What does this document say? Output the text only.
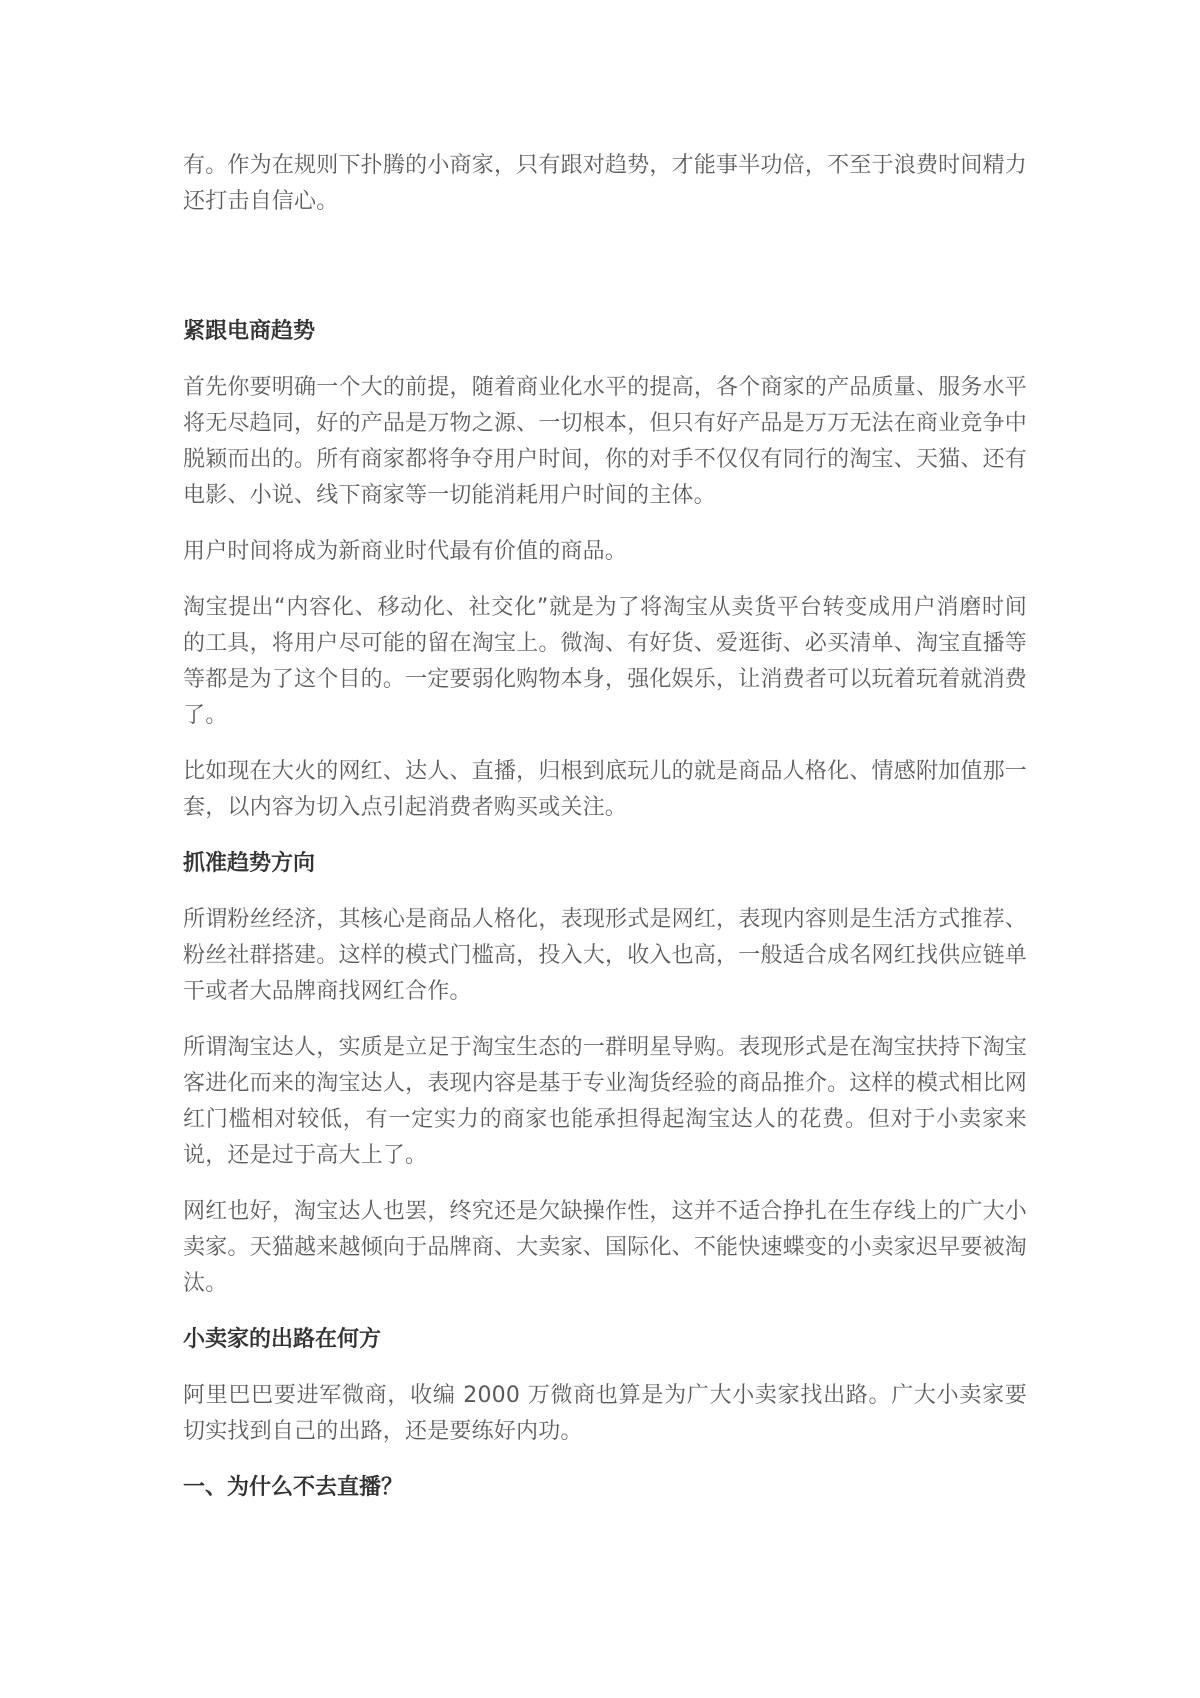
有。作为在规则下扑腾的小商家，只有跟对趋势，才能事半功倍，不至于浪费时间精力还打击自信心。

紧跟电商趋势

首先你要明确一个大的前提，随着商业化水平的提高，各个商家的产品质量、服务水平将无尽趋同，好的产品是万物之源、一切根本，但只有好产品是万万无法在商业竞争中脱颖而出的。所有商家都将争夺用户时间，你的对手不仅仅有同行的淘宝、天猫、还有电影、小说、线下商家等一切能消耗用户时间的主体。

用户时间将成为新商业时代最有价值的商品。

淘宝提出“内容化、移动化、社交化”就是为了将淘宝从卖货平台转变成用户消磨时间的工具，将用户尽可能的留在淘宝上。微淘、有好货、爱逛街、必买清单、淘宝直播等等都是为了这个目的。一定要弱化购物本身，强化娱乐，让消费者可以玩着玩着就消费了。

比如现在大火的网红、达人、直播，归根到底玩儿的就是商品人格化、情感附加值那一套，以内容为切入点引起消费者购买或关注。

抓准趋势方向

所谓粉丝经济，其核心是商品人格化，表现形式是网红，表现内容则是生活方式推荐、粉丝社群搭建。这样的模式门槛高，投入大，收入也高，一般适合成名网红找供应链单干或者大品牌商找网红合作。

所谓淘宝达人，实质是立足于淘宝生态的一群明星导购。表现形式是在淘宝扶持下淘宝客进化而来的淘宝达人，表现内容是基于专业淘货经验的商品推介。这样的模式相比网红门槛相对较低，有一定实力的商家也能承担得起淘宝达人的花费。但对于小卖家来说，还是过于高大上了。

网红也好，淘宝达人也罢，终究还是欠缺操作性，这并不适合挣扎在生存线上的广大小卖家。天猫越来越倾向于品牌商、大卖家、国际化、不能快速蝶变的小卖家迟早要被淘汰。

小卖家的出路在何方

阿里巴巴要进军微商，收编 2000 万微商也算是为广大小卖家找出路。广大小卖家要切实找到自己的出路，还是要练好内功。

一、为什么不去直播？
